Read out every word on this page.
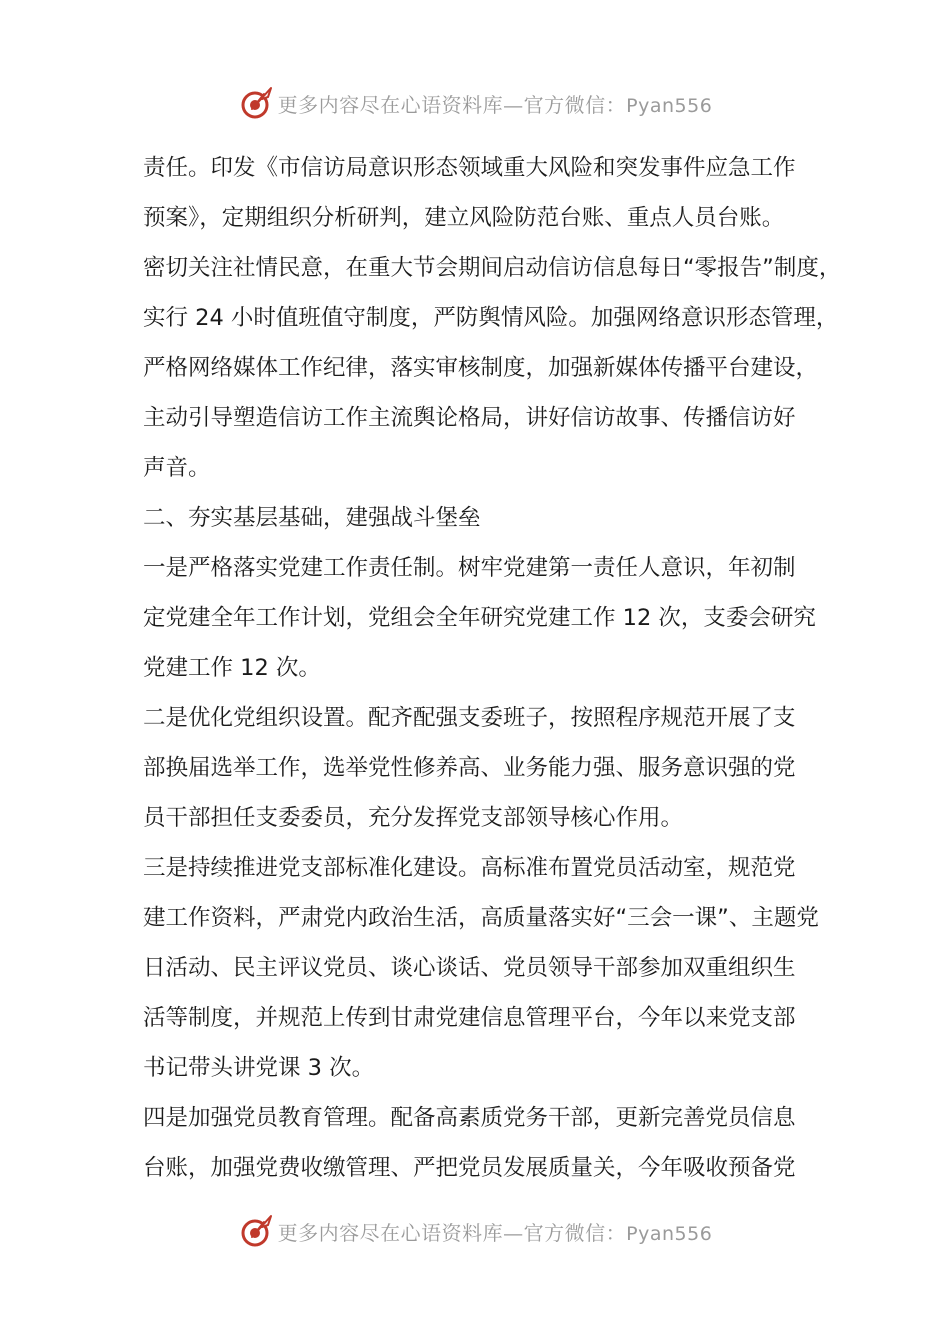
更多内容尽在心语资料库—官方微信：Pyan556
责任。印发《市信访局意识形态领域重大风险和突发事件应急工作
预案》，定期组织分析研判，建立风险防范台账、重点人员台账。
密切关注社情民意，在重大节会期间启动信访信息每日“零报告”制度，
实行 24 小时值班值守制度，严防舆情风险。加强网络意识形态管理，
严格网络媒体工作纪律，落实审核制度，加强新媒体传播平台建设，
主动引导塑造信访工作主流舆论格局，讲好信访故事、传播信访好
声音。
二、夯实基层基础，建强战斗堡垒
一是严格落实党建工作责任制。树牢党建第一责任人意识，年初制
定党建全年工作计划，党组会全年研究党建工作 12 次，支委会研究
党建工作 12 次。
二是优化党组织设置。配齐配强支委班子，按照程序规范开展了支
部换届选举工作，选举党性修养高、业务能力强、服务意识强的党
员干部担任支委委员，充分发挥党支部领导核心作用。
三是持续推进党支部标准化建设。高标准布置党员活动室，规范党
建工作资料，严肃党内政治生活，高质量落实好“三会一课”、主题党
日活动、民主评议党员、谈心谈话、党员领导干部参加双重组织生
活等制度，并规范上传到甘肃党建信息管理平台，今年以来党支部
书记带头讲党课 3 次。
四是加强党员教育管理。配备高素质党务干部，更新完善党员信息
台账，加强党费收缴管理、严把党员发展质量关，今年吸收预备党
更多内容尽在心语资料库—官方微信：Pyan556
